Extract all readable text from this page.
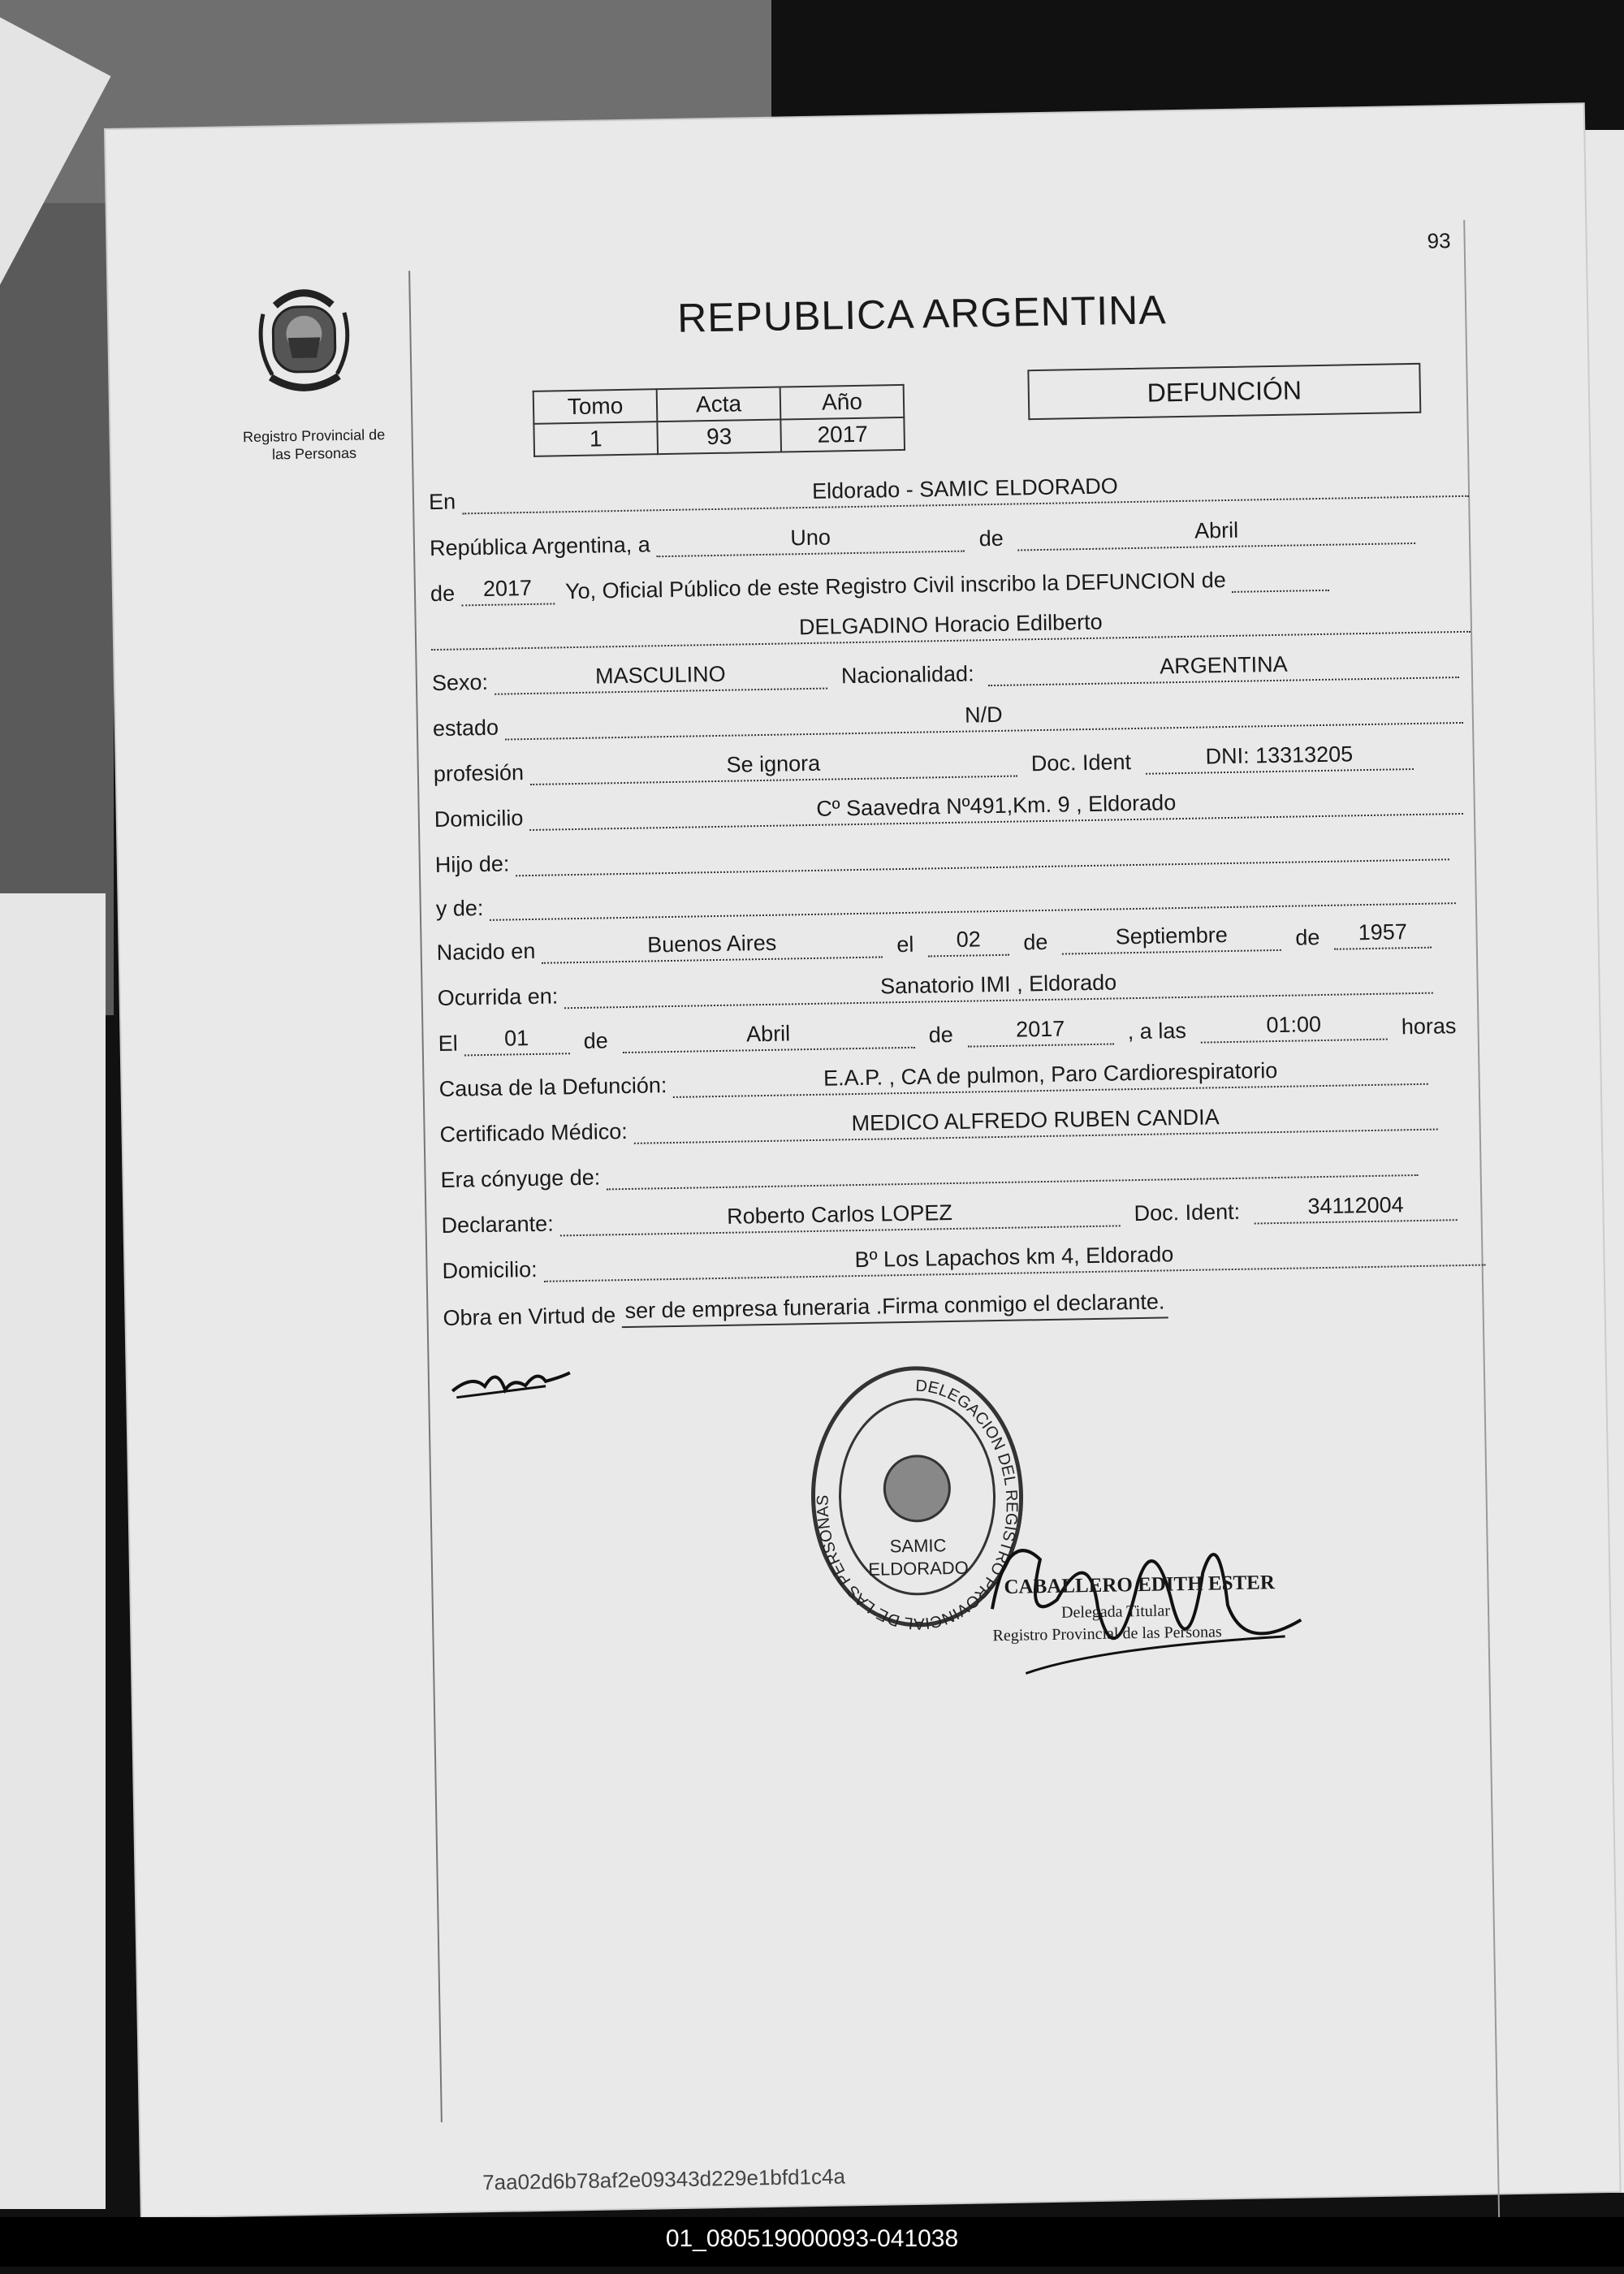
93
Registro Provincial de
las Personas
REPUBLICA ARGENTINA
Tomo	Acta	Año
1	93	2017
DEFUNCIÓN
En	Eldorado - SAMIC ELDORADO
República Argentina, a	Uno	de	Abril
de 2017 Yo, Oficial Público de este Registro Civil inscribo la DEFUNCION de
DELGADINO Horacio Edilberto
Sexo:	MASCULINO	Nacionalidad:	ARGENTINA
estado N/D
profesión	Se ignora	Doc. Ident	DNI: 13313205
Domicilio	Cº Saavedra Nº491,Km. 9 , Eldorado
Hijo de:
y de:
Nacido en	Buenos Aires	el 02 de	Septiembre	de 1957
Ocurrida en:	Sanatorio IMI , Eldorado
El 01 de	Abril	de	2017	, a las	01:00	horas
Causa de la Defunción:	E.A.P. , CA de pulmon, Paro Cardiorespiratorio
Certificado Médico:	MEDICO ALFREDO RUBEN CANDIA
Era cónyuge de:
Declarante:	Roberto Carlos LOPEZ	Doc. Ident:	34112004
Domicilio:	Bº Los Lapachos km 4, Eldorado
Obra en Virtud de ser de empresa funeraria .Firma conmigo el declarante.
SAMIC
ELDORADO
DELEGACION DEL REGISTRO PROVINCIAL DE LAS PERSONAS
CABALLERO EDITH ESTER
Delegada Titular
Registro Provincial de las Personas
7aa02d6b78af2e09343d229e1bfd1c4a
01_080519000093-041038
